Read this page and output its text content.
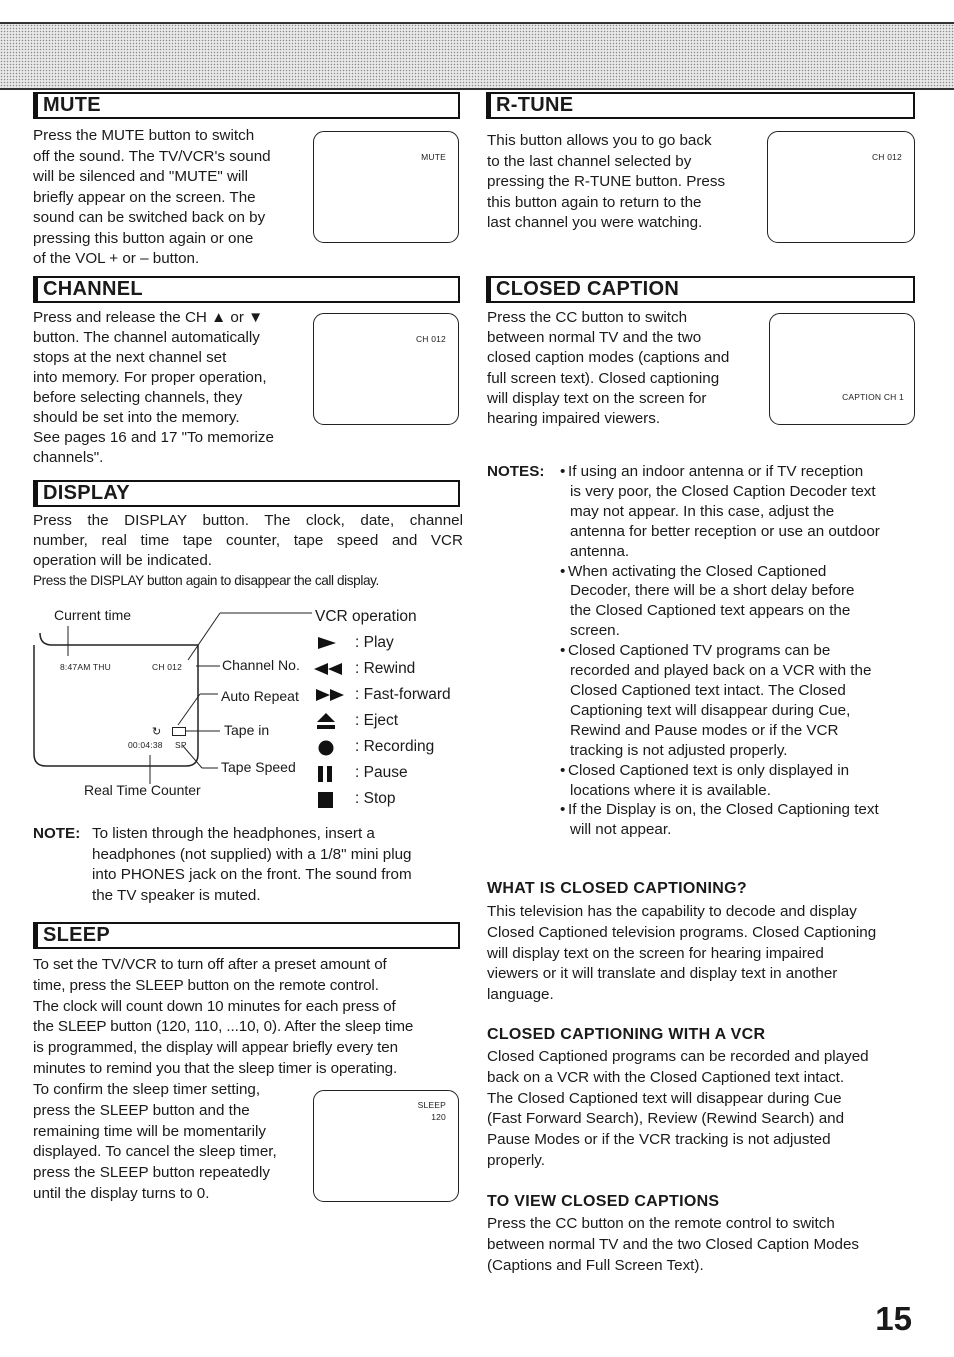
MUTE
Press the MUTE button to switch
off the sound. The TV/VCR's sound
will be silenced and "MUTE" will
briefly appear on the screen. The
sound can be switched back on by
pressing this button again or one
of the VOL + or – button.
MUTE
CHANNEL
Press and release the CH ▲ or ▼
button. The channel automatically
stops at the next channel set
into memory. For proper operation,
before selecting channels, they
should be set into the memory.
See pages 16 and 17 "To memorize
channels".
CH 012
DISPLAY
Press the DISPLAY button. The clock, date, channel
number, real time tape counter, tape speed and VCR
operation will be indicated.
Press the DISPLAY button again to disappear the call display.
8:47AM THU	CH 012
↻
00:04:38 SP
Current time	VCR operation
Channel No.
Auto Repeat
Tape in
Tape Speed
Real Time Counter
: Play
: Rewind
: Fast-forward
: Eject
: Recording
: Pause
: Stop
NOTE: To listen through the headphones, insert a
headphones (not supplied) with a 1/8" mini plug
into PHONES jack on the front. The sound from
the TV speaker is muted.
SLEEP
To set the TV/VCR to turn off after a preset amount of
time, press the SLEEP button on the remote control.
The clock will count down 10 minutes for each press of
the SLEEP button (120, 110, ...10, 0). After the sleep time
is programmed, the display will appear briefly every ten
minutes to remind you that the sleep timer is operating.
To confirm the sleep timer setting,
press the SLEEP button and the
remaining time will be momentarily
displayed. To cancel the sleep timer,
press the SLEEP button repeatedly
until the display turns to 0.
SLEEP
120
R-TUNE
This button allows you to go back
to the last channel selected by
pressing the R-TUNE button. Press
this button again to return to the
last channel you were watching.
CH 012
CLOSED CAPTION
Press the CC button to switch
between normal TV and the two
closed caption modes (captions and
full screen text). Closed captioning
will display text on the screen for
hearing impaired viewers.
CAPTION CH 1
NOTES: • If using an indoor antenna or if TV reception
is very poor, the Closed Caption Decoder text
may not appear. In this case, adjust the
antenna for better reception or use an outdoor
antenna.
• When activating the Closed Captioned
Decoder, there will be a short delay before
the Closed Captioned text appears on the
screen.
• Closed Captioned TV programs can be
recorded and played back on a VCR with the
Closed Captioned text intact. The Closed
Captioning text will disappear during Cue,
Rewind and Pause modes or if the VCR
tracking is not adjusted properly.
• Closed Captioned text is only displayed in
locations where it is available.
• If the Display is on, the Closed Captioning text
will not appear.
WHAT IS CLOSED CAPTIONING?
This television has the capability to decode and display
Closed Captioned television programs. Closed Captioning
will display text on the screen for hearing impaired
viewers or it will translate and display text in another
language.
CLOSED CAPTIONING WITH A VCR
Closed Captioned programs can be recorded and played
back on a VCR with the Closed Captioned text intact.
The Closed Captioned text will disappear during Cue
(Fast Forward Search), Review (Rewind Search) and
Pause Modes or if the VCR tracking is not adjusted
properly.
TO VIEW CLOSED CAPTIONS
Press the CC button on the remote control to switch
between normal TV and the two Closed Caption Modes
(Captions and Full Screen Text).
15
